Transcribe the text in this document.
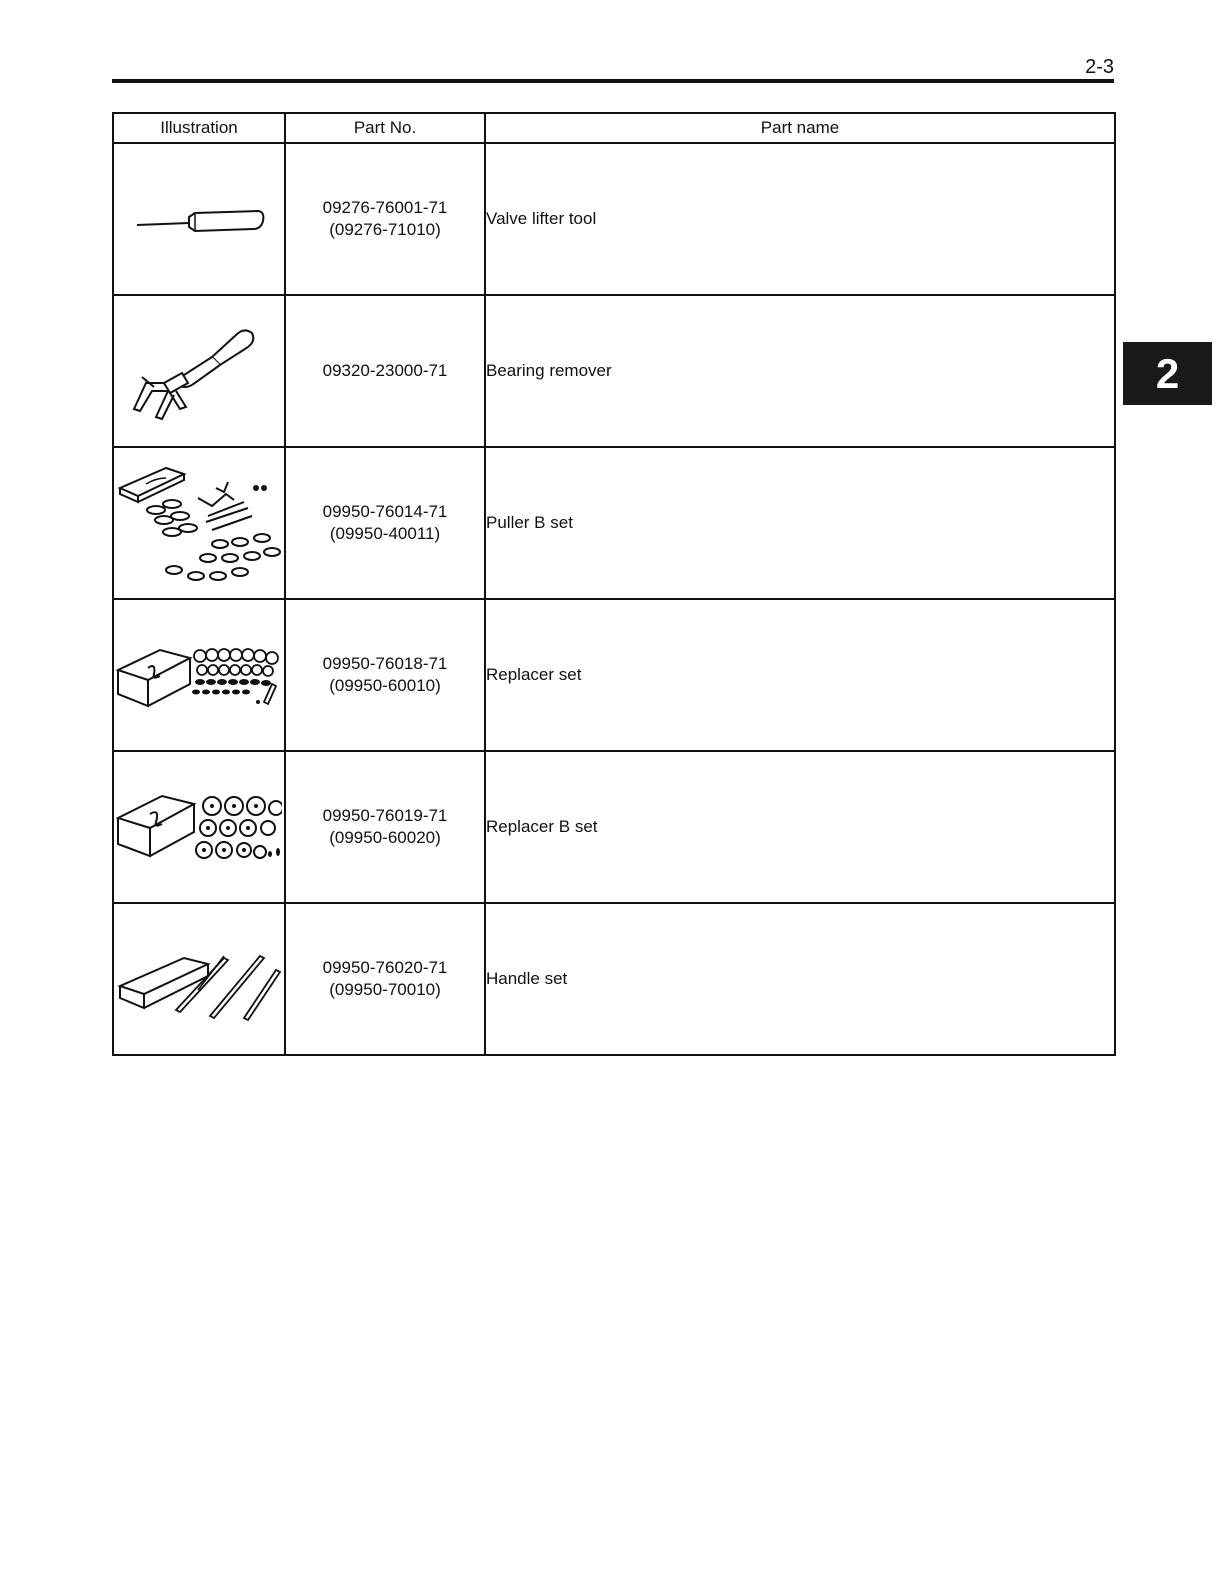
2-3
2
Illustration	Part No.	Part name

09276-76001-71
(09276-71010)	Valve lifter tool

09320-23000-71	Bearing remover

09950-76014-71
(09950-40011)	Puller B set

09950-76018-71
(09950-60010)	Replacer set

09950-76019-71
(09950-60020)	Replacer B set

09950-76020-71
(09950-70010)	Handle set
